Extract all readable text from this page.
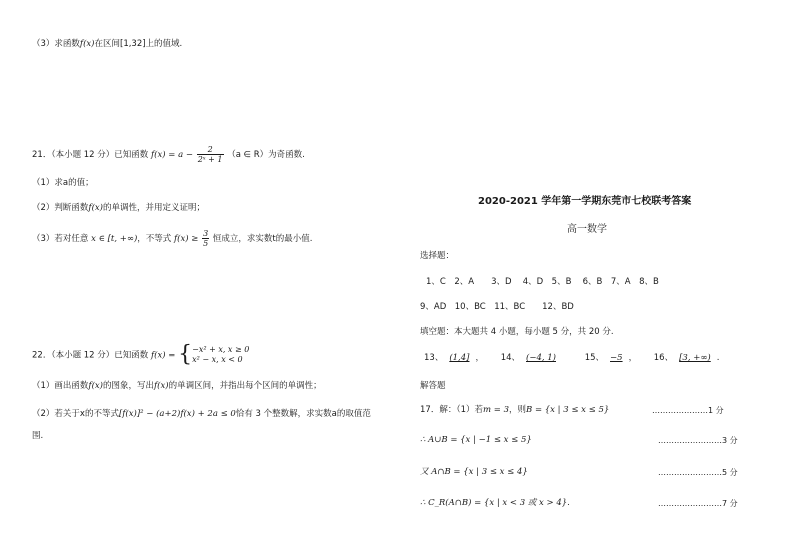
（3）求函数f(x)在区间[1,32]上的值域.
21．（本小题 12 分）已知函数 $f(x) = a - \frac{2}{\text{2ˣ + 1}} (a$ ∈ R）为奇函数.
（1）求a的值；
（2）判断函数f(x)的单调性，并用定义证明；
（3）若对任意 x ∈ [t, +∞)，不等式 $f(x) \ge \frac{3}{5}$ 恒成立，求实数t的最小值.
22．（本小题 12 分）已知函数 f(x) = { −x² + x, x ≥ 0
x² − x, x < 0
（1）画出函数f(x)的图象，写出f(x)的单调区间，并指出每个区间的单调性；
（2）若关于x的不等式[f(x)]² − (a+2)f(x) + 2a ≤ 0恰有 3 个整数解，求实数a的取值范
围.
2020-2021 学年第一学期东莞市七校联考答案
高一数学
选择题：
1、C　2、A　　3、D　 4、D　5、B　 6、B　7、A　8、B
9、AD　10、BC　11、BC　　12、BD
填空题：本大题共 4 小题，每小题 5 分，共 20 分.
13、 (1,4] ， 14、 (−4, 1)	15、 −5 ， 16、 [3, +∞) .
解答题
17．解：（1）若m = 3，则B = {x | 3 ≤ x ≤ 5}	…………………1 分
∴ A∪B = {x | −1 ≤ x ≤ 5}	……………………3 分
又 A∩B = {x | 3 ≤ x ≤ 4}	……………………5 分
∴ C_R(A∩B) = {x | x < 3 或 x > 4}.	……………………7 分
